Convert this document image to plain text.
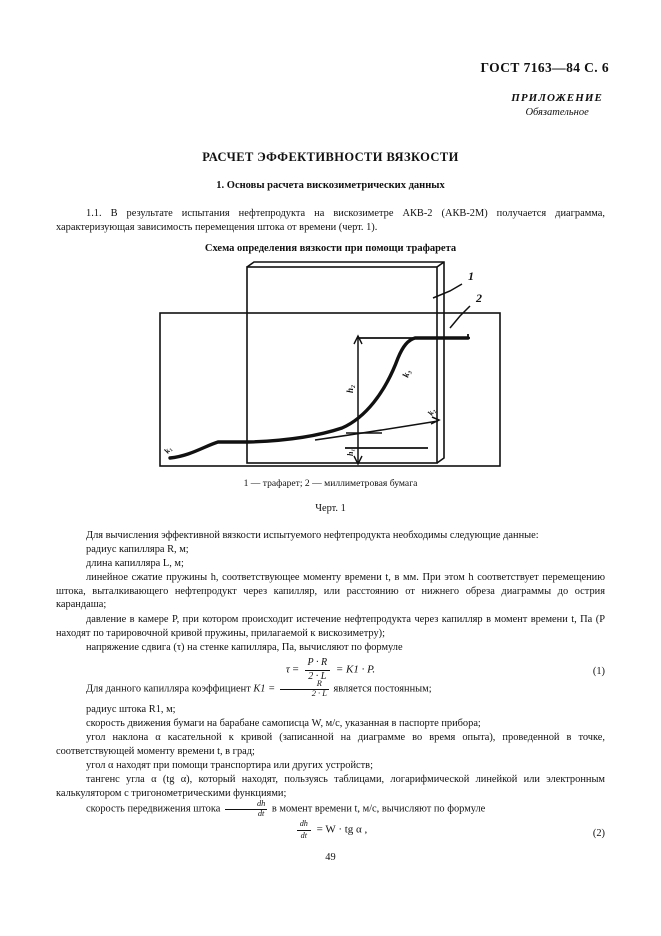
ГОСТ 7163—84 С. 6
ПРИЛОЖЕНИЕ
Обязательное
РАСЧЕТ ЭФФЕКТИВНОСТИ ВЯЗКОСТИ
1. Основы расчета вискозиметрических данных
1.1. В результате испытания нефтепродукта на вискозиметре АКВ-2 (АКВ-2М) получается диаграмма, характеризующая зависимость перемещения штока от времени (черт. 1).
Схема определения вязкости при помощи трафарета
1
2
h₂
h₁
k₃
k₂
k₁
1 — трафарет; 2 — миллиметровая бумага
Черт. 1
Для вычисления эффективной вязкости испытуемого нефтепродукта необходимы следующие данные:
радиус капилляра R, м;
длина капилляра L, м;
линейное сжатие пружины h, соответствующее моменту времени t, в мм. При этом h соответствует перемещению штока, выталкивающего нефтепродукт через капилляр, или расстоянию от нижнего обреза диаграммы до острия карандаша;
давление в камере P, при котором происходит истечение нефтепродукта через капилляр в момент времени t, Па (P находят по тарировочной кривой пружины, прилагаемой к вискозиметру);
напряжение сдвига (τ) на стенке капилляра, Па, вычисляют по формуле
$\tau = \frac{P \cdot R}{2 \cdot L} = K1 \cdot P$.	(1)
Для данного капилляра коэффициент $K1 = \frac{R}{2 \cdot L}$ является постоянным;
радиус штока R1, м;
скорость движения бумаги на барабане самописца W, м/с, указанная в паспорте прибора;
угол наклона α касательной к кривой (записанной на диаграмме во время опыта), проведенной в точке, соответствующей моменту времени t, в град;
угол α находят при помощи транспортира или других устройств;
тангенс угла α (tg α), который находят, пользуясь таблицами, логарифмической линейкой или электронным калькулятором с тригонометрическими функциями;
скорость передвижения штока $\frac{dh}{dt}$ в момент времени t, м/с, вычисляют по формуле
$\frac{dh}{dt} = W$ · tg α ,	(2)
49
